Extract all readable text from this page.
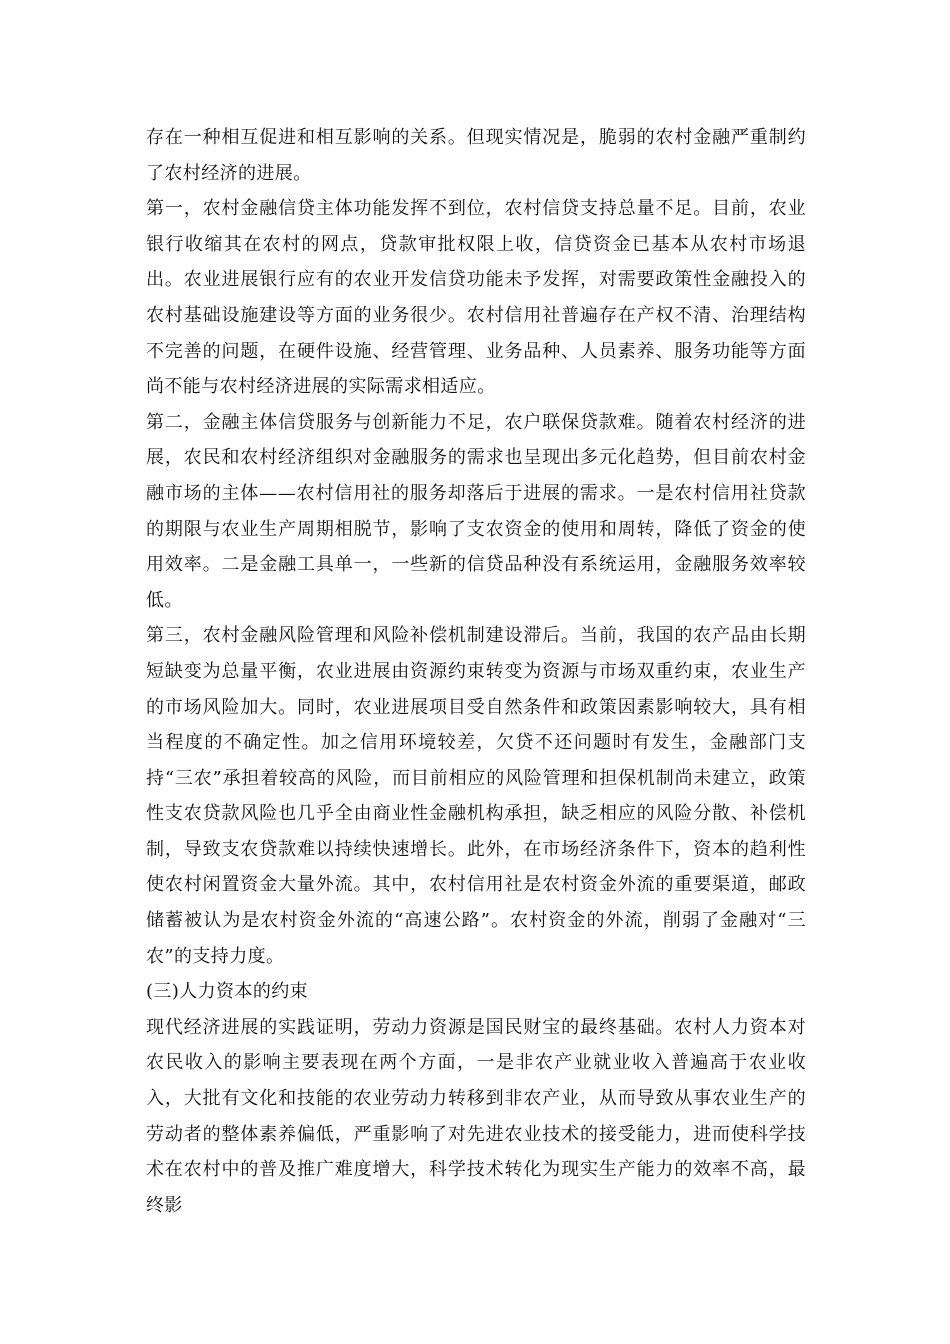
存在一种相互促进和相互影响的关系。但现实情况是，脆弱的农村金融严重制约了农村经济的进展。

第一，农村金融信贷主体功能发挥不到位，农村信贷支持总量不足。目前，农业银行收缩其在农村的网点，贷款审批权限上收，信贷资金已基本从农村市场退出。农业进展银行应有的农业开发信贷功能未予发挥，对需要政策性金融投入的农村基础设施建设等方面的业务很少。农村信用社普遍存在产权不清、治理结构不完善的问题，在硬件设施、经营管理、业务品种、人员素养、服务功能等方面尚不能与农村经济进展的实际需求相适应。

第二，金融主体信贷服务与创新能力不足，农户联保贷款难。随着农村经济的进展，农民和农村经济组织对金融服务的需求也呈现出多元化趋势，但目前农村金融市场的主体——农村信用社的服务却落后于进展的需求。一是农村信用社贷款的期限与农业生产周期相脱节，影响了支农资金的使用和周转，降低了资金的使用效率。二是金融工具单一，一些新的信贷品种没有系统运用，金融服务效率较低。

第三，农村金融风险管理和风险补偿机制建设滞后。当前，我国的农产品由长期短缺变为总量平衡，农业进展由资源约束转变为资源与市场双重约束，农业生产的市场风险加大。同时，农业进展项目受自然条件和政策因素影响较大，具有相当程度的不确定性。加之信用环境较差，欠贷不还问题时有发生，金融部门支持“三农”承担着较高的风险，而目前相应的风险管理和担保机制尚未建立，政策性支农贷款风险也几乎全由商业性金融机构承担，缺乏相应的风险分散、补偿机制，导致支农贷款难以持续快速增长。此外，在市场经济条件下，资本的趋利性使农村闲置资金大量外流。其中，农村信用社是农村资金外流的重要渠道，邮政储蓄被认为是农村资金外流的“高速公路”。农村资金的外流，削弱了金融对“三农”的支持力度。

(三)人力资本的约束

现代经济进展的实践证明，劳动力资源是国民财宝的最终基础。农村人力资本对农民收入的影响主要表现在两个方面，一是非农产业就业收入普遍高于农业收入，大批有文化和技能的农业劳动力转移到非农产业，从而导致从事农业生产的劳动者的整体素养偏低，严重影响了对先进农业技术的接受能力，进而使科学技术在农村中的普及推广难度增大，科学技术转化为现实生产能力的效率不高，最终影
